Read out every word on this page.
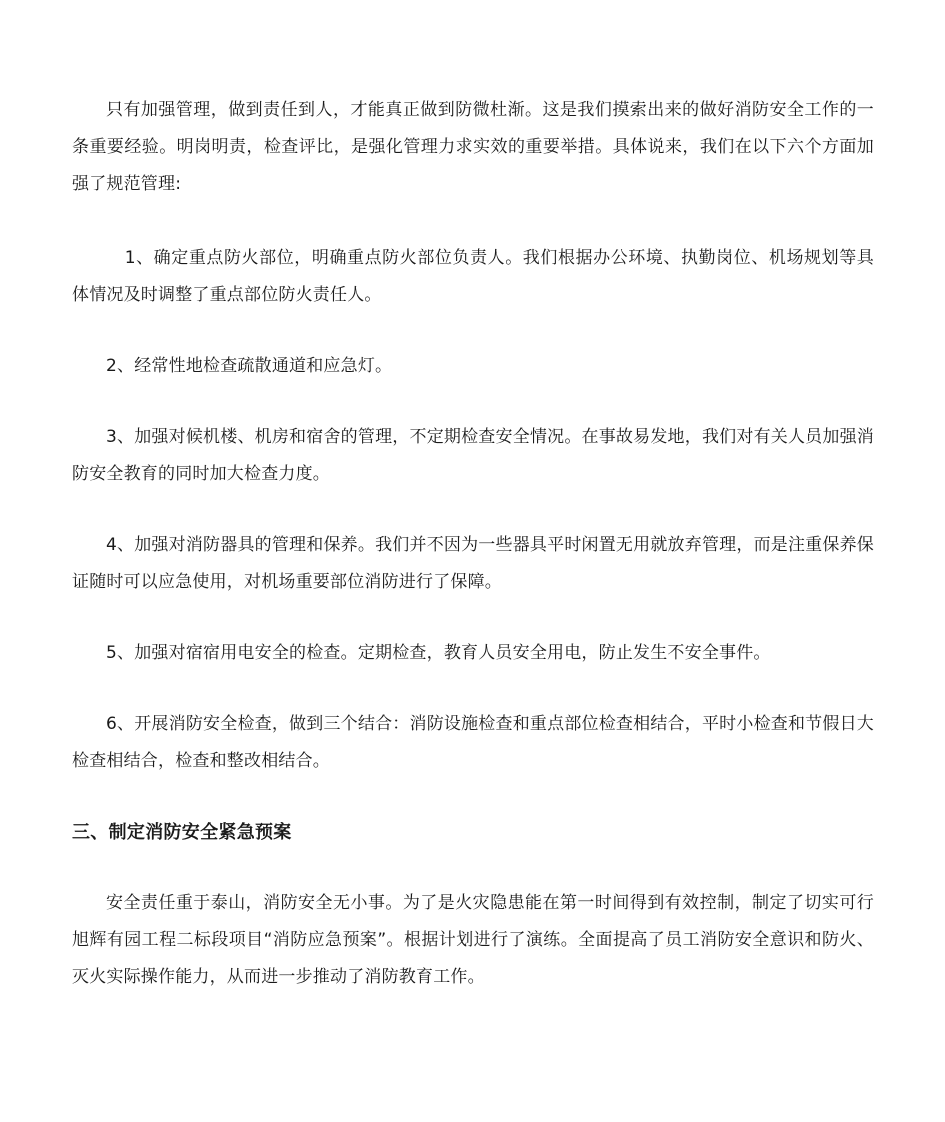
只有加强管理，做到责任到人，才能真正做到防微杜渐。这是我们摸索出来的做好消防安全工作的一条重要经验。明岗明责，检查评比，是强化管理力求实效的重要举措。具体说来，我们在以下六个方面加强了规范管理:

1、确定重点防火部位，明确重点防火部位负责人。我们根据办公环境、执勤岗位、机场规划等具体情况及时调整了重点部位防火责任人。

2、经常性地检查疏散通道和应急灯。

3、加强对候机楼、机房和宿舍的管理，不定期检查安全情况。在事故易发地，我们对有关人员加强消防安全教育的同时加大检查力度。

4、加强对消防器具的管理和保养。我们并不因为一些器具平时闲置无用就放弃管理，而是注重保养保证随时可以应急使用，对机场重要部位消防进行了保障。

5、加强对宿宿用电安全的检查。定期检查，教育人员安全用电，防止发生不安全事件。

6、开展消防安全检查，做到三个结合：消防设施检查和重点部位检查相结合，平时小检查和节假日大检查相结合，检查和整改相结合。

三、制定消防安全紧急预案

安全责任重于泰山，消防安全无小事。为了是火灾隐患能在第一时间得到有效控制，制定了切实可行旭辉有园工程二标段项目“消防应急预案”。根据计划进行了演练。全面提高了员工消防安全意识和防火、灭火实际操作能力，从而进一步推动了消防教育工作。
